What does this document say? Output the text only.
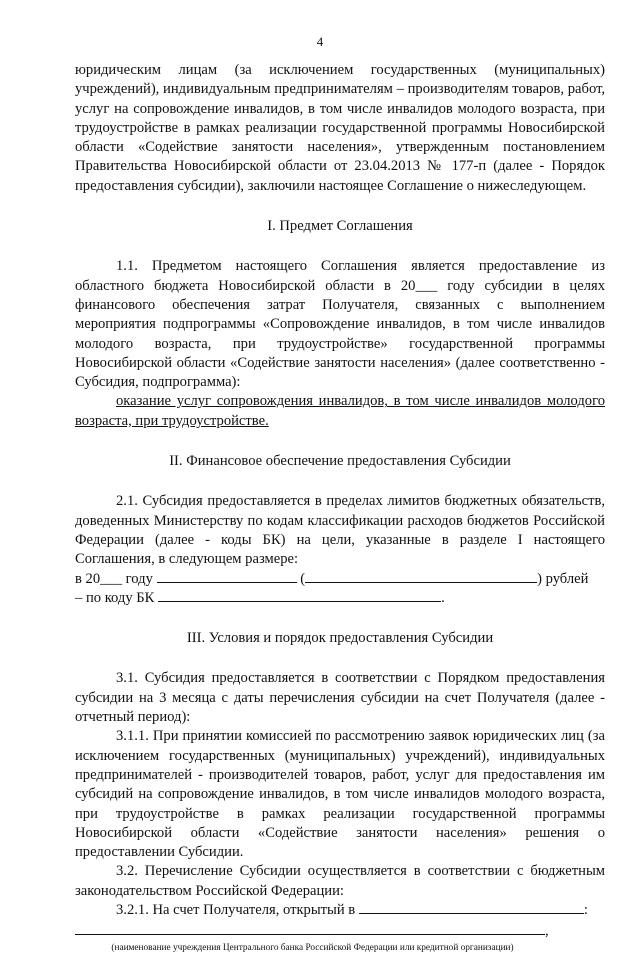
4

юридическим лицам (за исключением государственных (муниципальных) учреждений), индивидуальным предпринимателям – производителям товаров, работ, услуг на сопровождение инвалидов, в том числе инвалидов молодого возраста, при трудоустройстве в рамках реализации государственной программы Новосибирской области «Содействие занятости населения», утвержденным постановлением Правительства Новосибирской области от 23.04.2013 № 177-п (далее - Порядок предоставления субсидии), заключили настоящее Соглашение о нижеследующем.

I. Предмет Соглашения

1.1. Предметом настоящего Соглашения является предоставление из областного бюджета Новосибирской области в 20___ году субсидии в целях финансового обеспечения затрат Получателя, связанных с выполнением мероприятия подпрограммы «Сопровождение инвалидов, в том числе инвалидов молодого возраста, при трудоустройстве» государственной программы Новосибирской области «Содействие занятости населения» (далее соответственно - Субсидия, подпрограмма):

оказание услуг сопровождения инвалидов, в том числе инвалидов молодого возраста, при трудоустройстве.

II. Финансовое обеспечение предоставления Субсидии

2.1. Субсидия предоставляется в пределах лимитов бюджетных обязательств, доведенных Министерству по кодам классификации расходов бюджетов Российской Федерации (далее - коды БК) на цели, указанные в разделе I настоящего Соглашения, в следующем размере:

в 20___ году	(	) рублей
– по коду БК	.

III. Условия и порядок предоставления Субсидии

3.1. Субсидия предоставляется в соответствии с Порядком предоставления субсидии на 3 месяца с даты перечисления субсидии на счет Получателя (далее - отчетный период):

3.1.1. При принятии комиссией по рассмотрению заявок юридических лиц (за исключением государственных (муниципальных) учреждений), индивидуальных предпринимателей - производителей товаров, работ, услуг для предоставления им субсидий на сопровождение инвалидов, в том числе инвалидов молодого возраста, при трудоустройстве в рамках реализации государственной программы Новосибирской области «Содействие занятости населения» решения о предоставлении Субсидии.

3.2. Перечисление Субсидии осуществляется в соответствии с бюджетным законодательством Российской Федерации:

3.2.1. На счет Получателя, открытый в	:
,
(наименование учреждения Центрального банка Российской Федерации или кредитной организации)
